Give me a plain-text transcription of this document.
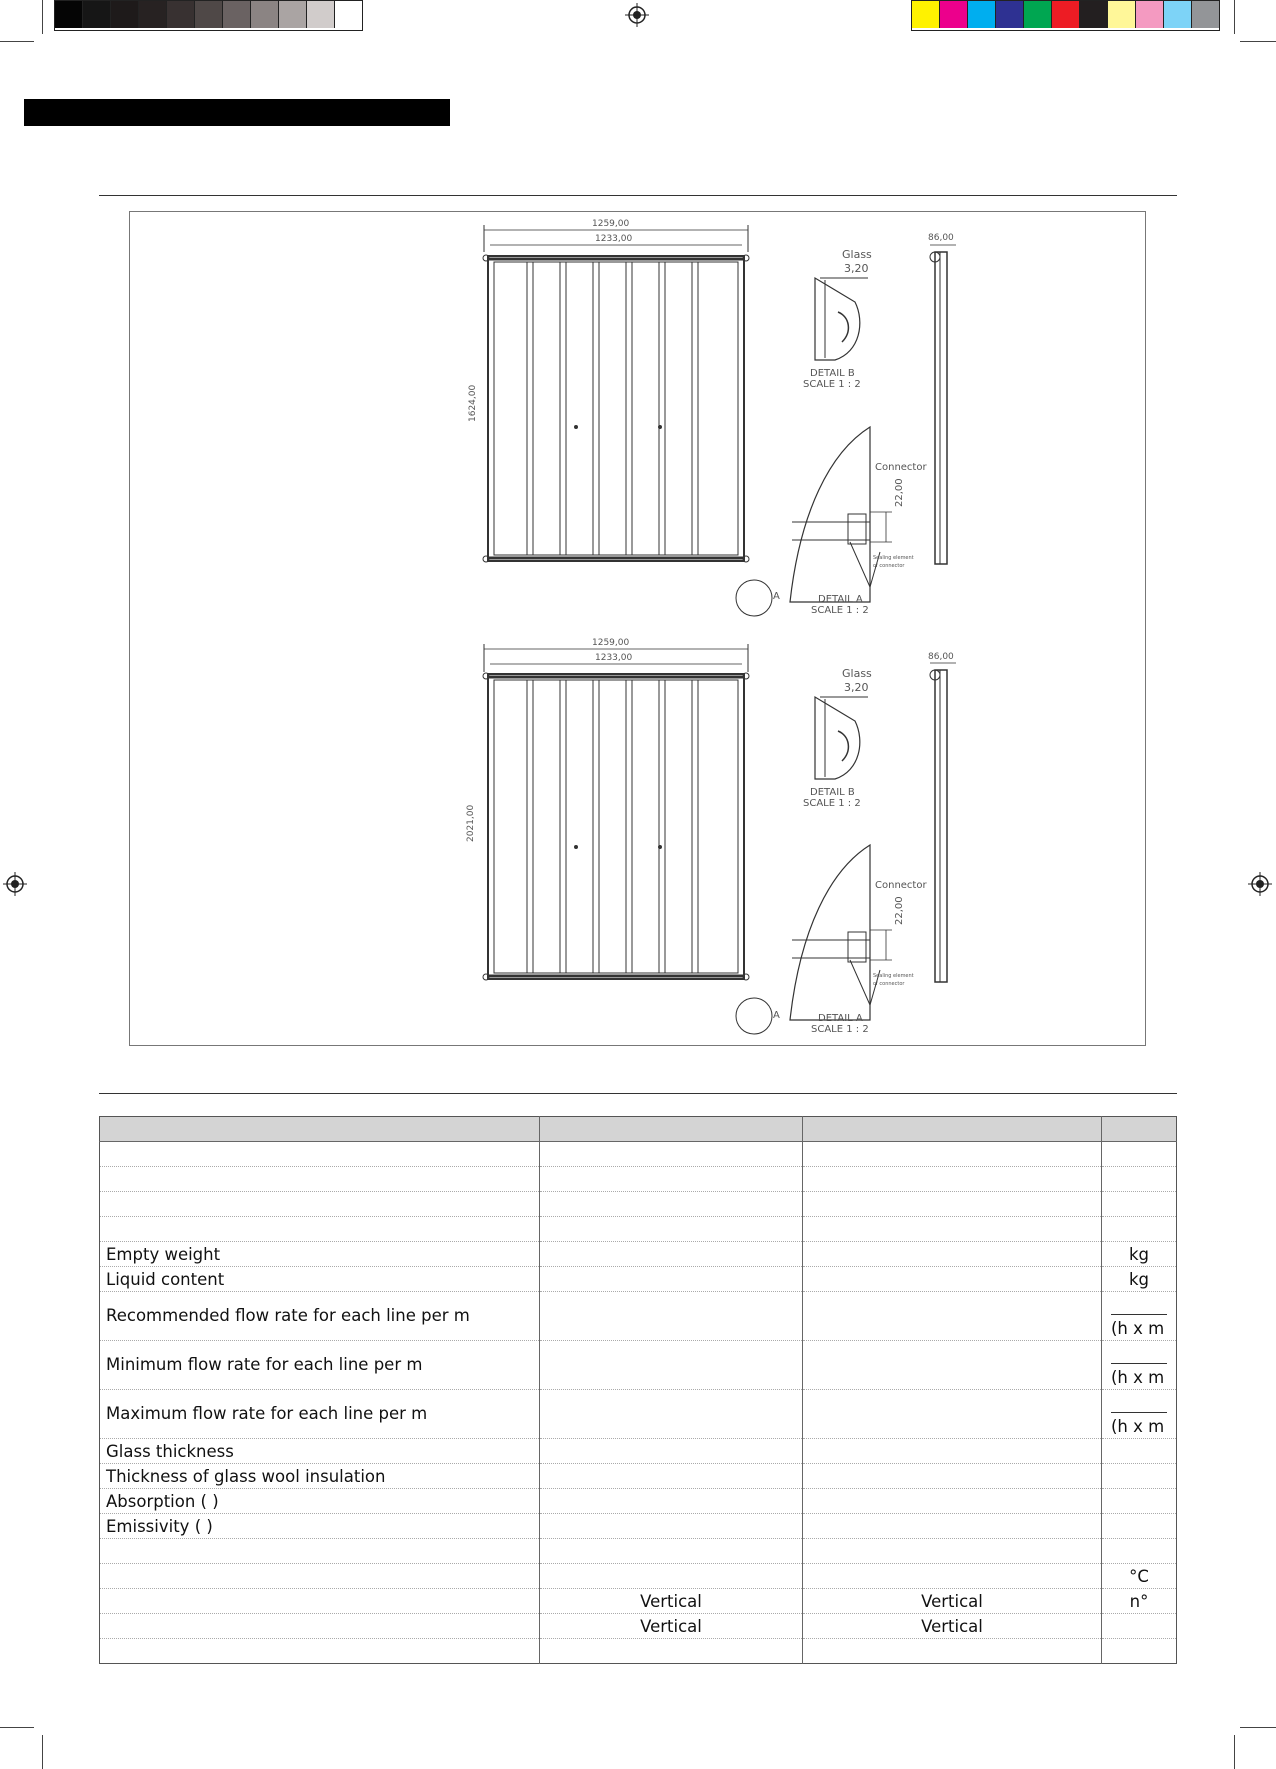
1259,00
1233,00
1624,00
86,00
Glass
3,20
DETAIL B
SCALE 1 : 2
Connector
22,00
Sealing element
of connector
DETAIL A
SCALE 1 : 2
A
1259,00
1233,00
2021,00
86,00
Glass
3,20
DETAIL B
SCALE 1 : 2
Connector
22,00
Sealing element
of connector
DETAIL A
SCALE 1 : 2
A

Empty weight			kg
Liquid content			kg
Recommended flow rate for each line per m			(h x m
Minimum flow rate for each line per m			(h x m
Maximum flow rate for each line per m			(h x m
Glass thickness			
Thickness of glass wool insulation			
Absorption ( )			
Emissivity ( )			

			°C
	Vertical	Vertical	n°
	Vertical	Vertical	
